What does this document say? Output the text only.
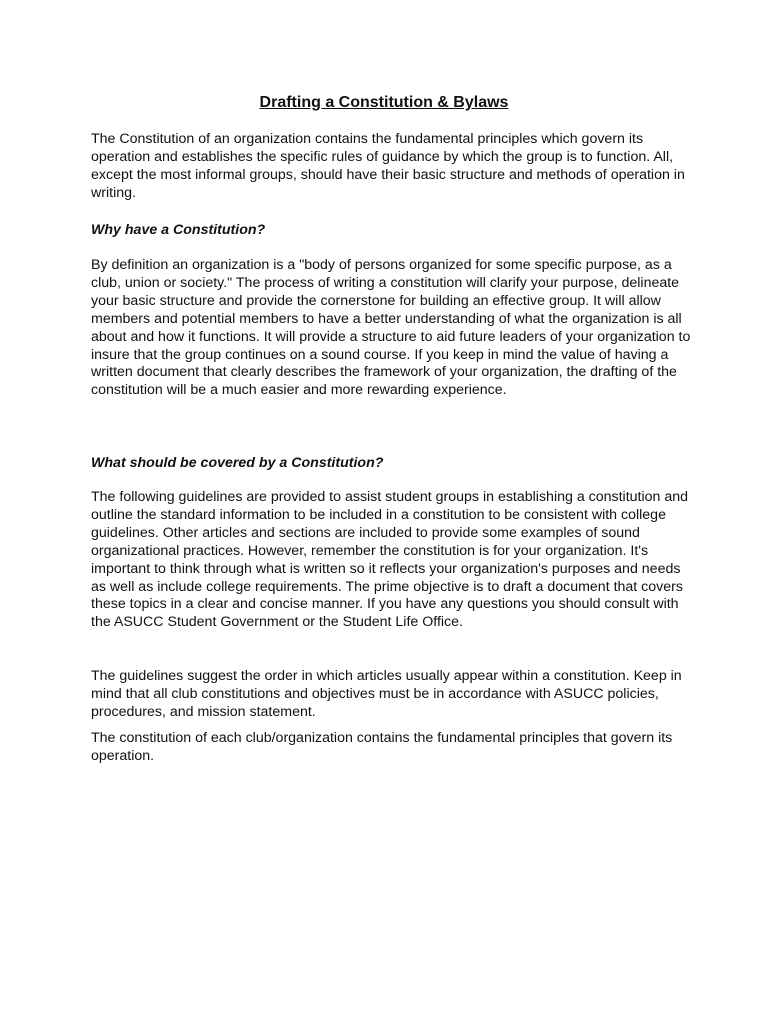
Drafting a Constitution & Bylaws

The Constitution of an organization contains the fundamental principles which govern its operation and establishes the specific rules of guidance by which the group is to function. All, except the most informal groups, should have their basic structure and methods of operation in writing.

Why have a Constitution?

By definition an organization is a "body of persons organized for some specific purpose, as a club, union or society." The process of writing a constitution will clarify your purpose, delineate your basic structure and provide the cornerstone for building an effective group. It will allow members and potential members to have a better understanding of what the organization is all about and how it functions. It will provide a structure to aid future leaders of your organization to insure that the group continues on a sound course. If you keep in mind the value of having a written document that clearly describes the framework of your organization, the drafting of the constitution will be a much easier and more rewarding experience.

What should be covered by a Constitution?

The following guidelines are provided to assist student groups in establishing a constitution and outline the standard information to be included in a constitution to be consistent with college guidelines. Other articles and sections are included to provide some examples of sound organizational practices. However, remember the constitution is for your organization. It's important to think through what is written so it reflects your organization's purposes and needs as well as include college requirements. The prime objective is to draft a document that covers these topics in a clear and concise manner. If you have any questions you should consult with the ASUCC Student Government or the Student Life Office.

The guidelines suggest the order in which articles usually appear within a constitution. Keep in mind that all club constitutions and objectives must be in accordance with ASUCC policies, procedures, and mission statement.

The constitution of each club/organization contains the fundamental principles that govern its operation.
